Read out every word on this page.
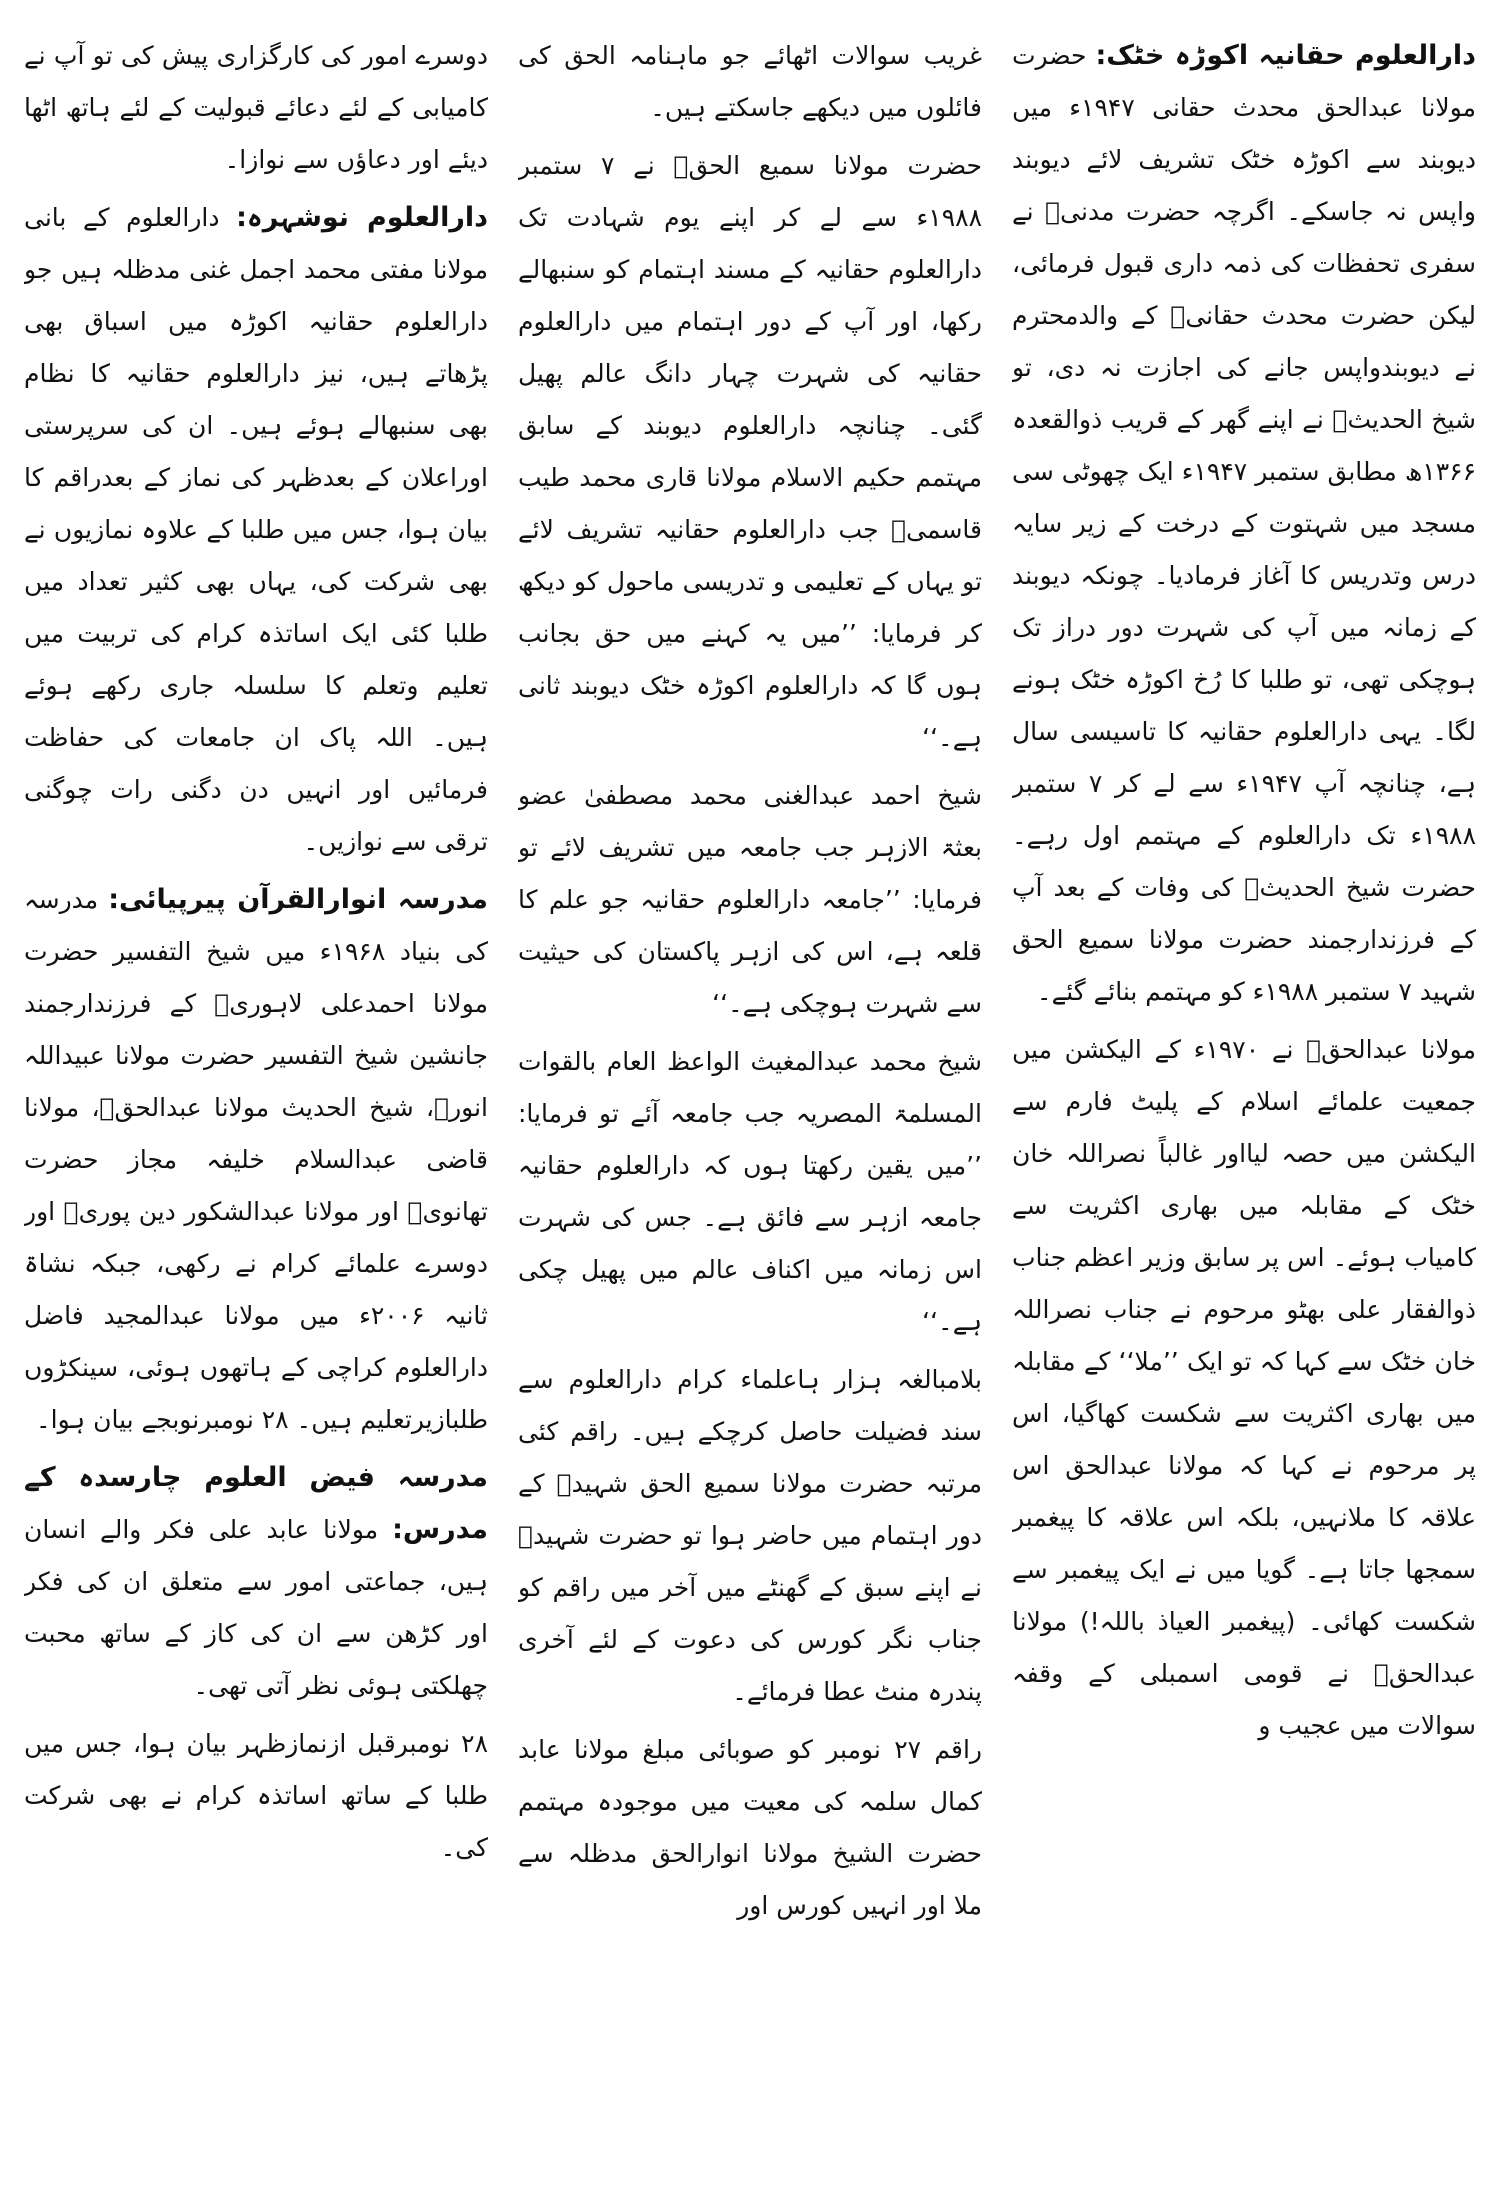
دارالعلوم حقانیہ اکوڑہ خٹک: حضرت مولانا عبدالحق محدث حقانی ۱۹۴۷ء میں دیوبند سے اکوڑہ خٹک تشریف لائے دیوبند واپس نہ جاسکے۔ اگرچہ حضرت مدنیؒ نے سفری تحفظات کی ذمہ داری قبول فرمائی، لیکن حضرت محدث حقانیؒ کے والدمحترم نے دیوبندواپس جانے کی اجازت نہ دی، تو شیخ الحدیثؒ نے اپنے گھر کے قریب ذوالقعدہ ۱۳۶۶ھ مطابق ستمبر ۱۹۴۷ء ایک چھوٹی سی مسجد میں شہتوت کے درخت کے زیر سایہ درس وتدریس کا آغاز فرمادیا۔ چونکہ دیوبند کے زمانہ میں آپ کی شہرت دور دراز تک ہوچکی تھی، تو طلبا کا رُخ اکوڑہ خٹک ہونے لگا۔ یہی دارالعلوم حقانیہ کا تاسیسی سال ہے، چنانچہ آپ ۱۹۴۷ء سے لے کر ۷ ستمبر ۱۹۸۸ء تک دارالعلوم کے مہتمم اول رہے۔ حضرت شیخ الحدیثؒ کی وفات کے بعد آپ کے فرزندارجمند حضرت مولانا سمیع الحق شہید ۷ ستمبر ۱۹۸۸ء کو مہتمم بنائے گئے۔

مولانا عبدالحقؒ نے ۱۹۷۰ء کے الیکشن میں جمعیت علمائے اسلام کے پلیٹ فارم سے الیکشن میں حصہ لیااور غالباً نصراللہ خان خٹک کے مقابلہ میں بھاری اکثریت سے کامیاب ہوئے۔ اس پر سابق وزیر اعظم جناب ذوالفقار علی بھٹو مرحوم نے جناب نصراللہ خان خٹک سے کہا کہ تو ایک ’’ملا‘‘ کے مقابلہ میں بھاری اکثریت سے شکست کھاگیا، اس پر مرحوم نے کہا کہ مولانا عبدالحق اس علاقہ کا ملانہیں، بلکہ اس علاقہ کا پیغمبر سمجھا جاتا ہے۔ گویا میں نے ایک پیغمبر سے شکست کھائی۔ (پیغمبر العیاذ باللہ!) مولانا عبدالحقؒ نے قومی اسمبلی کے وقفہ سوالات میں عجیب و

غریب سوالات اٹھائے جو ماہنامہ الحق کی فائلوں میں دیکھے جاسکتے ہیں۔

حضرت مولانا سمیع الحقؒ نے ۷ ستمبر ۱۹۸۸ء سے لے کر اپنے یوم شہادت تک دارالعلوم حقانیہ کے مسند اہتمام کو سنبھالے رکھا، اور آپ کے دور اہتمام میں دارالعلوم حقانیہ کی شہرت چہار دانگ عالم پھیل گئی۔ چنانچہ دارالعلوم دیوبند کے سابق مہتمم حکیم الاسلام مولانا قاری محمد طیب قاسمیؒ جب دارالعلوم حقانیہ تشریف لائے تو یہاں کے تعلیمی و تدریسی ماحول کو دیکھ کر فرمایا: ’’میں یہ کہنے میں حق بجانب ہوں گا کہ دارالعلوم اکوڑہ خٹک دیوبند ثانی ہے۔‘‘

شیخ احمد عبدالغنی محمد مصطفیٰ عضو بعثۃ الازہر جب جامعہ میں تشریف لائے تو فرمایا: ’’جامعہ دارالعلوم حقانیہ جو علم کا قلعہ ہے، اس کی ازہر پاکستان کی حیثیت سے شہرت ہوچکی ہے۔‘‘

شیخ محمد عبدالمغیث الواعظ العام بالقوات المسلمۃ المصریہ جب جامعہ آئے تو فرمایا: ’’میں یقین رکھتا ہوں کہ دارالعلوم حقانیہ جامعہ ازہر سے فائق ہے۔ جس کی شہرت اس زمانہ میں اکناف عالم میں پھیل چکی ہے۔‘‘

بلامبالغہ ہزار ہاعلماء کرام دارالعلوم سے سند فضیلت حاصل کرچکے ہیں۔ راقم کئی مرتبہ حضرت مولانا سمیع الحق شہیدؒ کے دور اہتمام میں حاضر ہوا تو حضرت شہیدؒ نے اپنے سبق کے گھنٹے میں آخر میں راقم کو جناب نگر کورس کی دعوت کے لئے آخری پندرہ منٹ عطا فرمائے۔

راقم ۲۷ نومبر کو صوبائی مبلغ مولانا عابد کمال سلمہ کی معیت میں موجودہ مہتمم حضرت الشیخ مولانا انوارالحق مدظلہ سے ملا اور انہیں کورس اور

دوسرے امور کی کارگزاری پیش کی تو آپ نے کامیابی کے لئے دعائے قبولیت کے لئے ہاتھ اٹھا دیئے اور دعاؤں سے نوازا۔

دارالعلوم نوشہرہ: دارالعلوم کے بانی مولانا مفتی محمد اجمل غنی مدظلہ ہیں جو دارالعلوم حقانیہ اکوڑہ میں اسباق بھی پڑھاتے ہیں، نیز دارالعلوم حقانیہ کا نظام بھی سنبھالے ہوئے ہیں۔ ان کی سرپرستی اوراعلان کے بعدظہر کی نماز کے بعدراقم کا بیان ہوا، جس میں طلبا کے علاوہ نمازیوں نے بھی شرکت کی، یہاں بھی کثیر تعداد میں طلبا کئی ایک اساتذہ کرام کی تربیت میں تعلیم وتعلم کا سلسلہ جاری رکھے ہوئے ہیں۔ اللہ پاک ان جامعات کی حفاظت فرمائیں اور انہیں دن دگنی رات چوگنی ترقی سے نوازیں۔

مدرسہ انوارالقرآن پیرپیائی: مدرسہ کی بنیاد ۱۹۶۸ء میں شیخ التفسیر حضرت مولانا احمدعلی لاہوریؒ کے فرزندارجمند جانشین شیخ التفسیر حضرت مولانا عبیداللہ انورؒ، شیخ الحدیث مولانا عبدالحقؒ، مولانا قاضی عبدالسلام خلیفہ مجاز حضرت تھانویؒ اور مولانا عبدالشکور دین پوریؒ اور دوسرے علمائے کرام نے رکھی، جبکہ نشاۃ ثانیہ ۲۰۰۶ء میں مولانا عبدالمجید فاضل دارالعلوم کراچی کے ہاتھوں ہوئی، سینکڑوں طلبازیرتعلیم ہیں۔ ۲۸ نومبرنوبجے بیان ہوا۔

مدرسہ فیض العلوم چارسدہ کے مدرس: مولانا عابد علی فکر والے انسان ہیں، جماعتی امور سے متعلق ان کی فکر اور کڑھن سے ان کی کاز کے ساتھ محبت چھلکتی ہوئی نظر آتی تھی۔

۲۸ نومبرقبل ازنمازظہر بیان ہوا، جس میں طلبا کے ساتھ اساتذہ کرام نے بھی شرکت کی۔
